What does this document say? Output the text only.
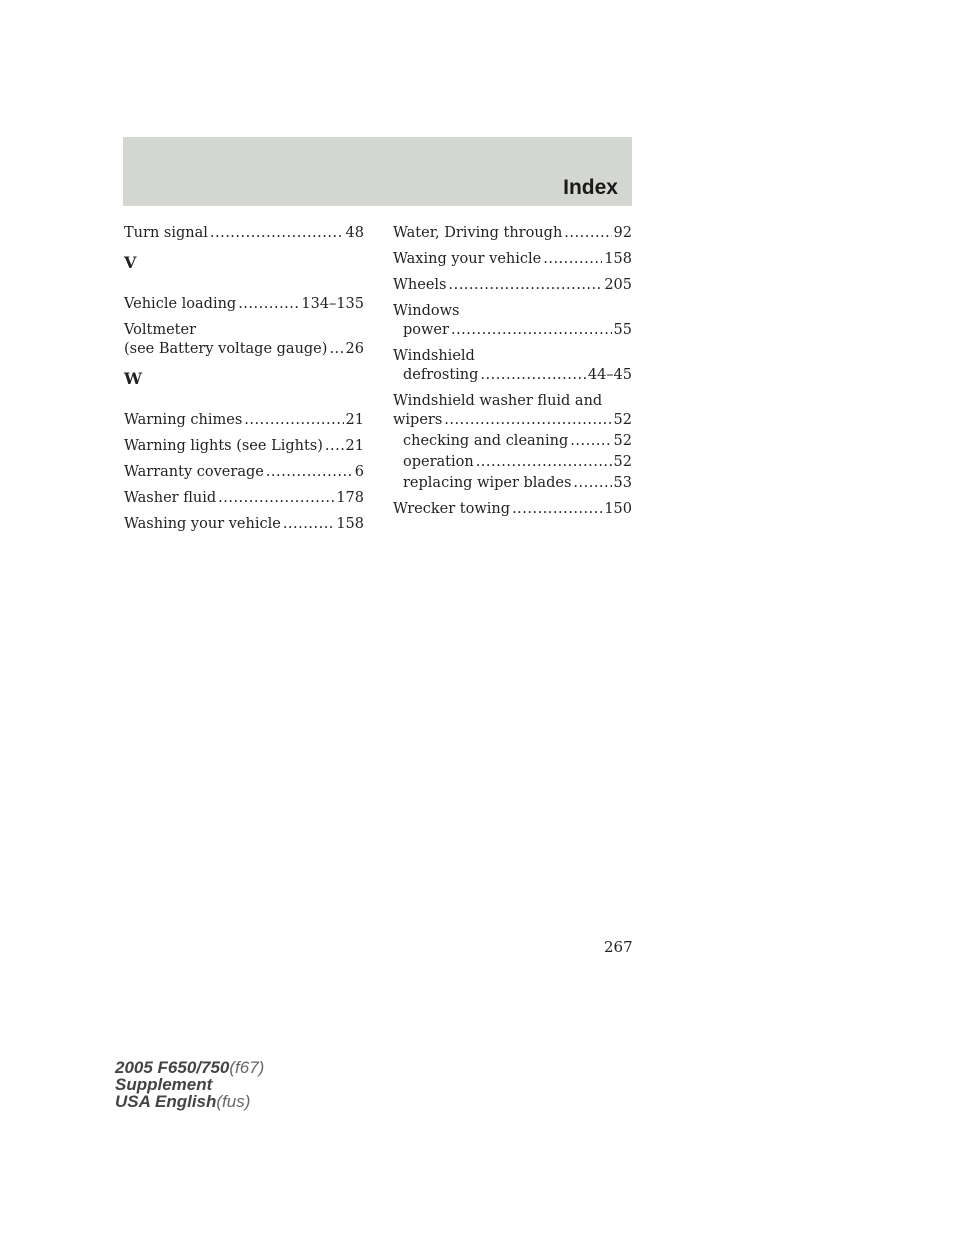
Index
Turn signal .....	48
V
Vehicle loading .....	134–135
Voltmeter
(see Battery voltage gauge) ..... 26
W
Warning chimes .....	21
Warning lights (see Lights) ..... 21
Warranty coverage .....	6
Washer fluid .....	178
Washing your vehicle .....	158
Water, Driving through .....	92
Waxing your vehicle .....	158
Wheels .....	205
Windows
power .....	55
Windshield
defrosting .....	44–45
Windshield washer fluid and
wipers .....	52
checking and cleaning .....	52
operation .....	52
replacing wiper blades .....	53
Wrecker towing .....	150
267
2005 F650/750(f67)
Supplement
USA English(fus)
